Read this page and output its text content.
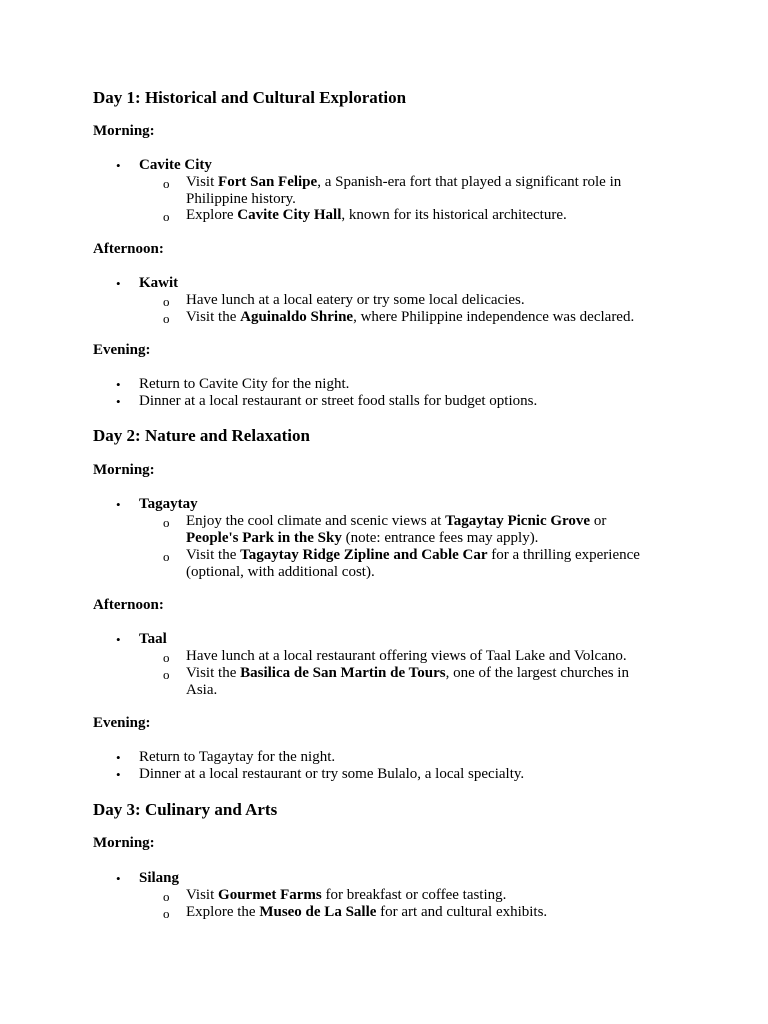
Day 1: Historical and Cultural Exploration
Morning:
• Cavite City
o Visit Fort San Felipe, a Spanish-era fort that played a significant role in
Philippine history.
o Explore Cavite City Hall, known for its historical architecture.
Afternoon:
• Kawit
o Have lunch at a local eatery or try some local delicacies.
o Visit the Aguinaldo Shrine, where Philippine independence was declared.
Evening:
• Return to Cavite City for the night.
• Dinner at a local restaurant or street food stalls for budget options.
Day 2: Nature and Relaxation
Morning:
• Tagaytay
o Enjoy the cool climate and scenic views at Tagaytay Picnic Grove or
People's Park in the Sky (note: entrance fees may apply).
o Visit the Tagaytay Ridge Zipline and Cable Car for a thrilling experience
(optional, with additional cost).
Afternoon:
• Taal
o Have lunch at a local restaurant offering views of Taal Lake and Volcano.
o Visit the Basilica de San Martin de Tours, one of the largest churches in
Asia.
Evening:
• Return to Tagaytay for the night.
• Dinner at a local restaurant or try some Bulalo, a local specialty.
Day 3: Culinary and Arts
Morning:
• Silang
o Visit Gourmet Farms for breakfast or coffee tasting.
o Explore the Museo de La Salle for art and cultural exhibits.
